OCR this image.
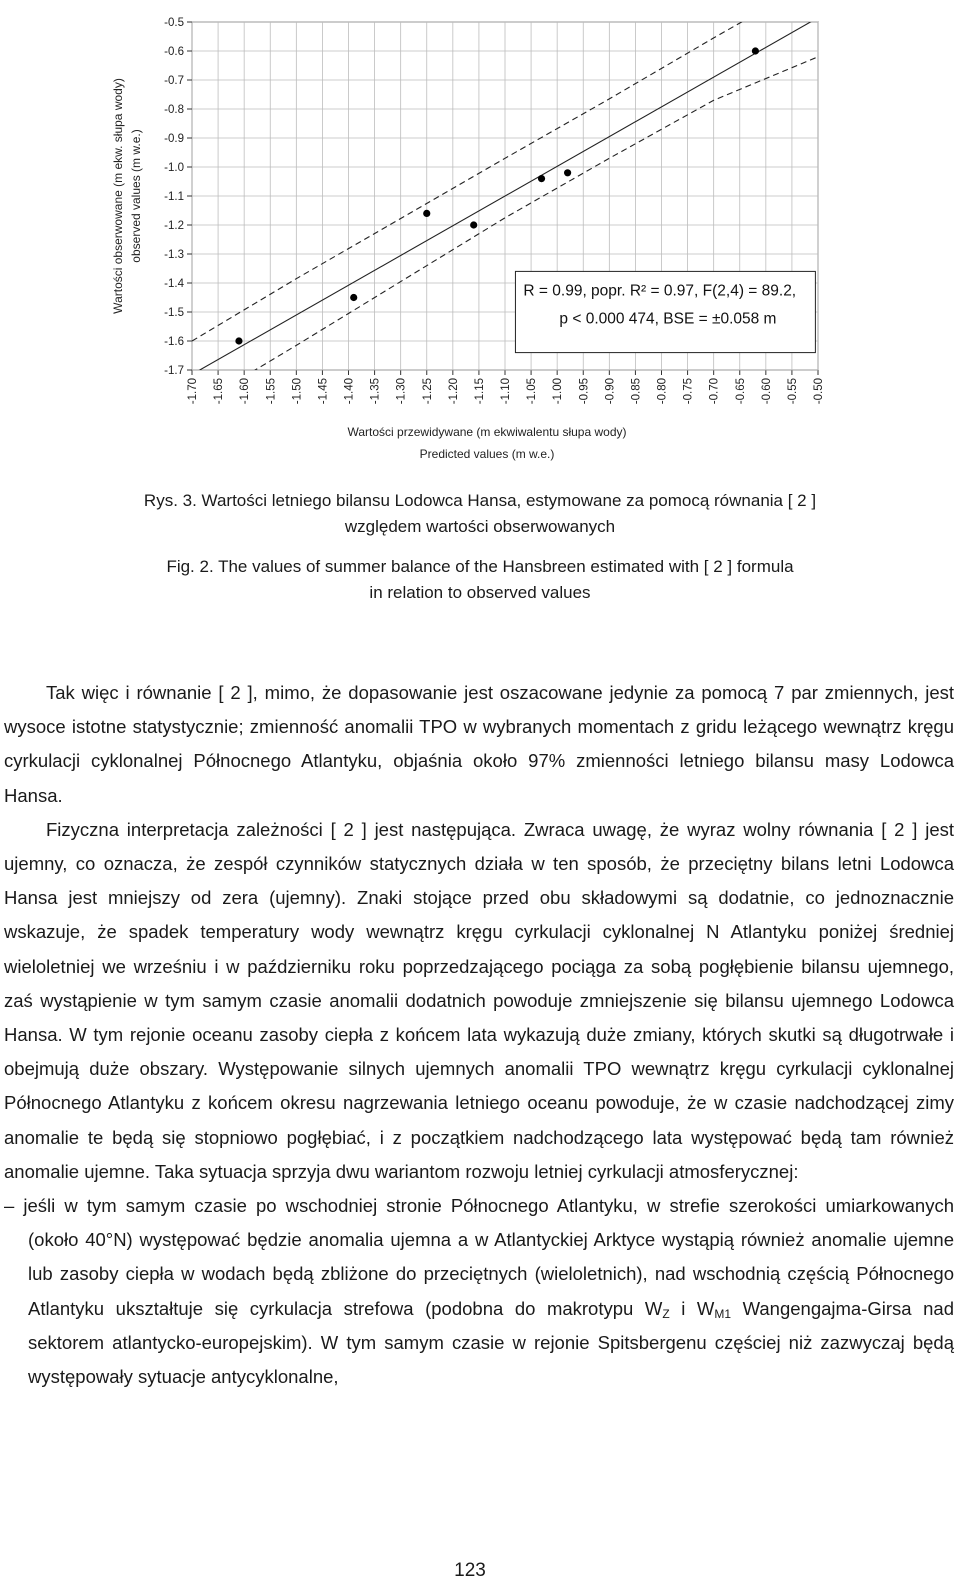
-1.70 -1.65 -1.60 -1.55 -1.50 -1.45 -1.40 -1.35 -1.30 -1.25 -1.20 -1.15 -1.10 -1.05 -1.00 -0.95 -0.90 -0.85 -0.80 -0.75 -0.70 -0.65 -0.60 -0.55 -0.50
-0.5
-0.6
-0.7
-0.8
-0.9
-1.0
-1.1
-1.2
-1.3
-1.4
-1.5
-1.6
-1.7
R = 0.99, popr. R² = 0.97, F(2,4) = 89.2,
p < 0.000 474, BSE = ±0.058 m
Wartości obserwowane (m ekw. słupa wody) observed values (m w.e.)
Wartości przewidywane (m ekwiwalentu słupa wody)
Predicted values (m w.e.)
Rys. 3. Wartości letniego bilansu Lodowca Hansa, estymowane za pomocą równania [ 2 ]
względem wartości obserwowanych
Fig. 2. The values of summer balance of the Hansbreen estimated with [ 2 ] formula
in relation to observed values

Tak więc i równanie [ 2 ], mimo, że dopasowanie jest oszacowane jedynie za pomocą 7 par zmiennych, jest wysoce istotne statystycznie; zmienność anomalii TPO w wybranych momentach z gridu leżącego wewnątrz kręgu cyrkulacji cyklonalnej Północnego Atlantyku, objaśnia około 97% zmienności letniego bilansu masy Lodowca Hansa.

Fizyczna interpretacja zależności [ 2 ] jest następująca. Zwraca uwagę, że wyraz wolny równania [ 2 ] jest ujemny, co oznacza, że zespół czynników statycznych działa w ten sposób, że przeciętny bilans letni Lodowca Hansa jest mniejszy od zera (ujemny). Znaki stojące przed obu składowymi są dodatnie, co jednoznacznie wskazuje, że spadek temperatury wody wewnątrz kręgu cyrkulacji cyklonalnej N Atlantyku poniżej średniej wieloletniej we wrześniu i w październiku roku poprzedzającego pociąga za sobą pogłębienie bilansu ujemnego, zaś wystąpienie w tym samym czasie anomalii dodatnich powoduje zmniejszenie się bilansu ujemnego Lodowca Hansa. W tym rejonie oceanu zasoby ciepła z końcem lata wykazują duże zmiany, których skutki są długotrwałe i obejmują duże obszary. Występowanie silnych ujemnych anomalii TPO wewnątrz kręgu cyrkulacji cyklonalnej Północnego Atlantyku z końcem okresu nagrzewania letniego oceanu powoduje, że w czasie nadchodzącej zimy anomalie te będą się stopniowo pogłębiać, i z początkiem nadchodzącego lata występować będą tam również anomalie ujemne. Taka sytuacja sprzyja dwu wariantom rozwoju letniej cyrkulacji atmosferycznej:

– jeśli w tym samym czasie po wschodniej stronie Północnego Atlantyku, w strefie szerokości umiarkowanych (około 40°N) występować będzie anomalia ujemna a w Atlantyckiej Arktyce wystąpią również anomalie ujemne lub zasoby ciepła w wodach będą zbliżone do przeciętnych (wieloletnich), nad wschodnią częścią Północnego Atlantyku ukształtuje się cyrkulacja strefowa (podobna do makrotypu $W_Z$ i $W_{M1}$ Wangengajma-Girsa nad sektorem atlantycko-europejskim). W tym samym czasie w rejonie Spitsbergenu częściej niż zazwyczaj będą występowały sytuacje antycyklonalne,

123
